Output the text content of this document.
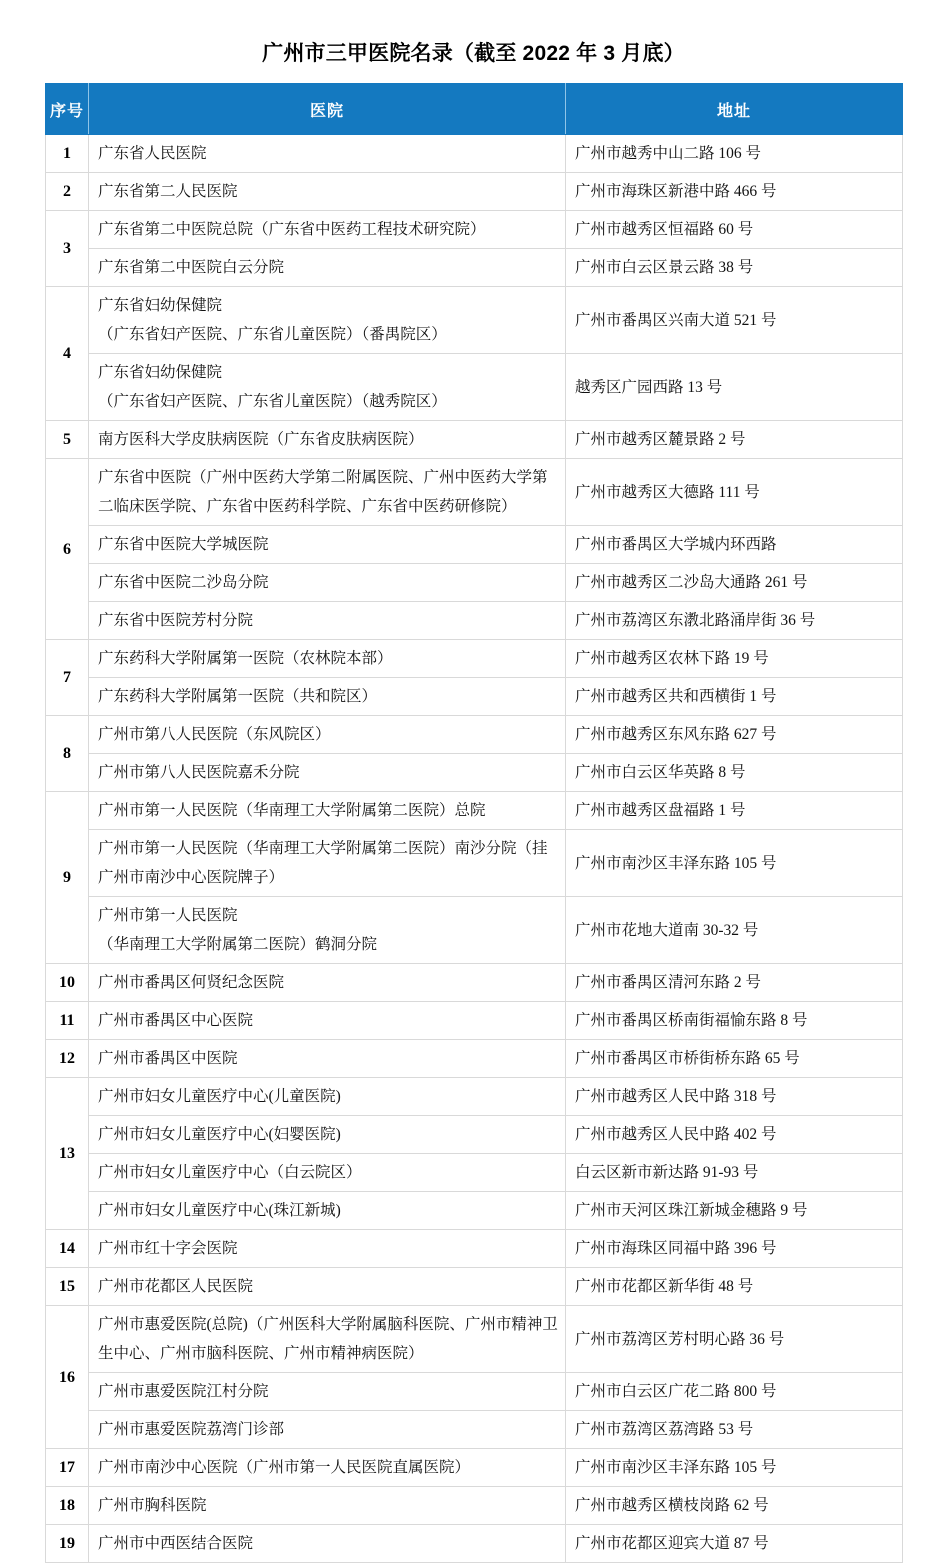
广州市三甲医院名录（截至 2022 年 3 月底）
序号	医院	地址
1	广东省人民医院	广州市越秀中山二路 106 号
2	广东省第二人民医院	广州市海珠区新港中路 466 号
3	广东省第二中医院总院（广东省中医药工程技术研究院）	广州市越秀区恒福路 60 号

	广东省第二中医院白云分院	广州市白云区景云路 38 号
4	广东省妇幼保健院
（广东省妇产医院、广东省儿童医院）（番禺院区）	广州市番禺区兴南大道 521 号

	广东省妇幼保健院
（广东省妇产医院、广东省儿童医院）（越秀院区）	越秀区广园西路 13 号
5	南方医科大学皮肤病医院（广东省皮肤病医院）	广州市越秀区麓景路 2 号
6	广东省中医院（广州中医药大学第二附属医院、广州中医药大学第二临床医学院、广东省中医药科学院、广东省中医药研修院）	广州市越秀区大德路 111 号

	广东省中医院大学城医院	广州市番禺区大学城内环西路

	广东省中医院二沙岛分院	广州市越秀区二沙岛大通路 261 号

	广东省中医院芳村分院	广州市荔湾区东漖北路涌岸街 36 号
7	广东药科大学附属第一医院（农林院本部）	广州市越秀区农林下路 19 号

	广东药科大学附属第一医院（共和院区）	广州市越秀区共和西横街 1 号
8	广州市第八人民医院（东风院区）	广州市越秀区东风东路 627 号

	广州市第八人民医院嘉禾分院	广州市白云区华英路 8 号
9	广州市第一人民医院（华南理工大学附属第二医院）总院	广州市越秀区盘福路 1 号

	广州市第一人民医院（华南理工大学附属第二医院）南沙分院（挂广州市南沙中心医院牌子）	广州市南沙区丰泽东路 105 号

	广州市第一人民医院
（华南理工大学附属第二医院）鹤洞分院	广州市花地大道南 30-32 号
10	广州市番禺区何贤纪念医院	广州市番禺区清河东路 2 号
11	广州市番禺区中心医院	广州市番禺区桥南街福愉东路 8 号
12	广州市番禺区中医院	广州市番禺区市桥街桥东路 65 号
13	广州市妇女儿童医疗中心(儿童医院)	广州市越秀区人民中路 318 号

	广州市妇女儿童医疗中心(妇婴医院)	广州市越秀区人民中路 402 号

	广州市妇女儿童医疗中心（白云院区）	白云区新市新达路 91-93 号

	广州市妇女儿童医疗中心(珠江新城)	广州市天河区珠江新城金穗路 9 号
14	广州市红十字会医院	广州市海珠区同福中路 396 号
15	广州市花都区人民医院	广州市花都区新华街 48 号
16	广州市惠爱医院(总院)（广州医科大学附属脑科医院、广州市精神卫生中心、广州市脑科医院、广州市精神病医院）	广州市荔湾区芳村明心路 36 号

	广州市惠爱医院江村分院	广州市白云区广花二路 800 号

	广州市惠爱医院荔湾门诊部	广州市荔湾区荔湾路 53 号
17	广州市南沙中心医院（广州市第一人民医院直属医院）	广州市南沙区丰泽东路 105 号
18	广州市胸科医院	广州市越秀区横枝岗路 62 号
19	广州市中西医结合医院	广州市花都区迎宾大道 87 号
